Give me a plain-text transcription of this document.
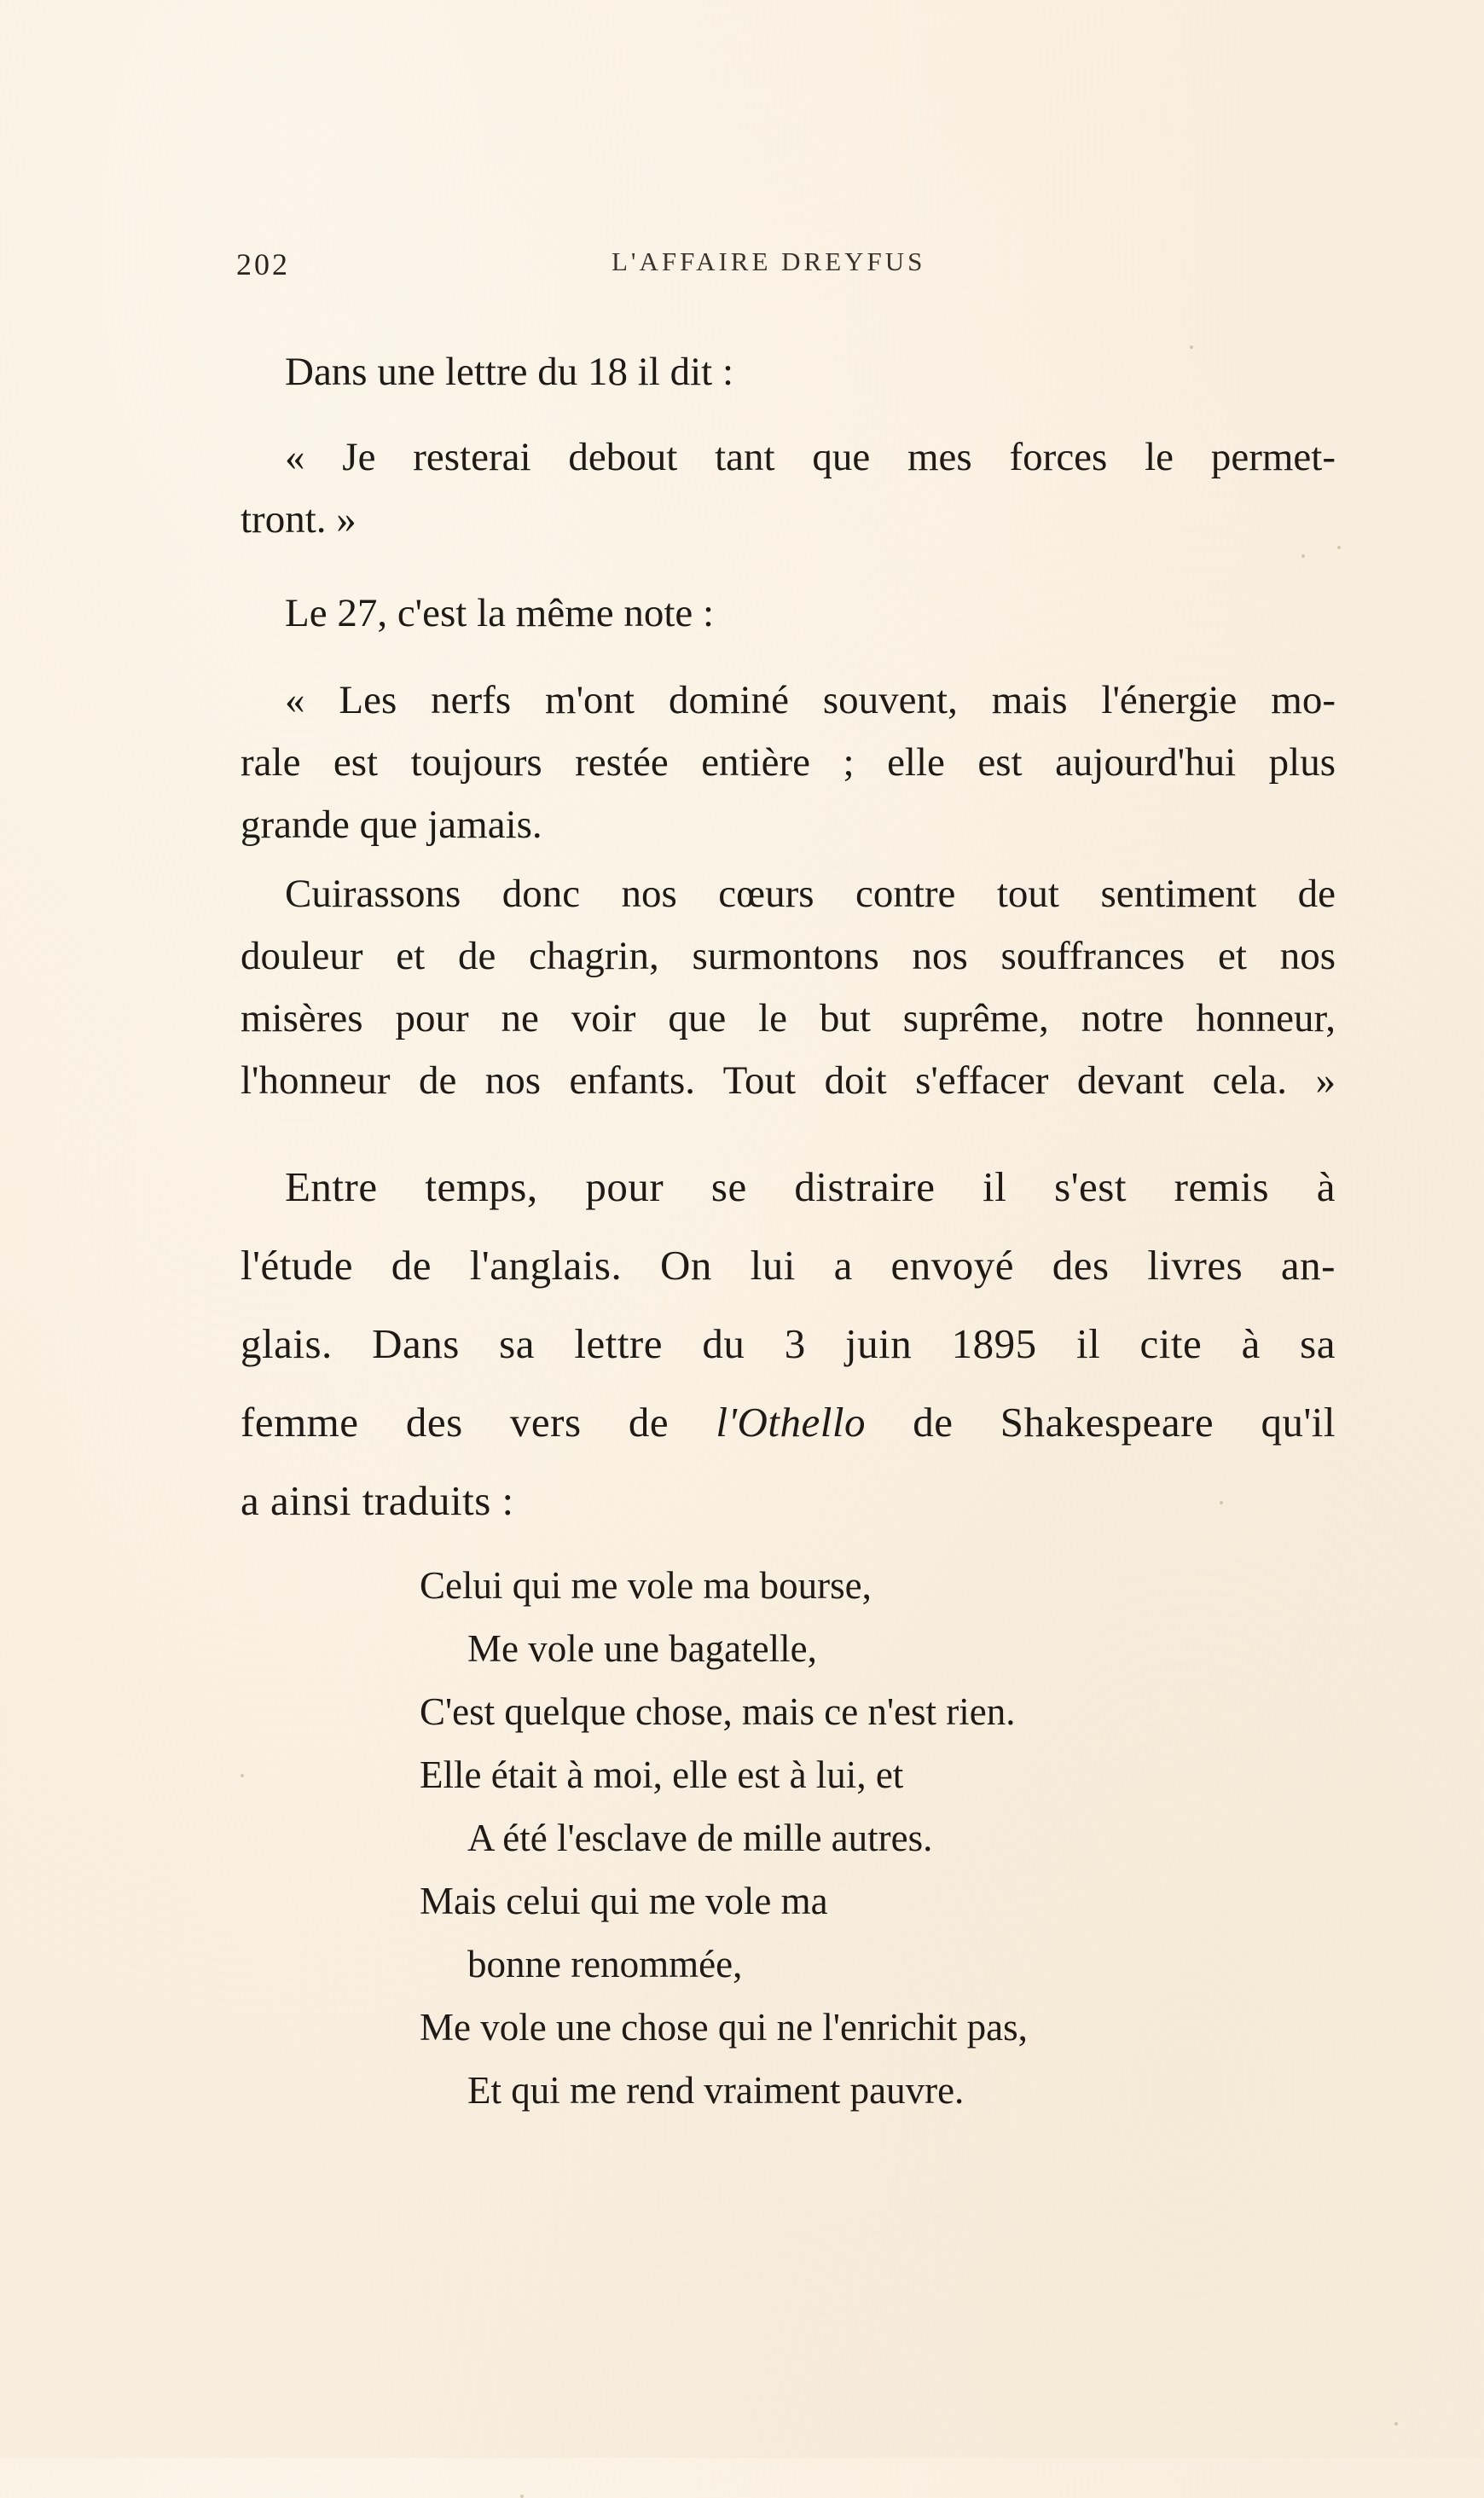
202	L'AFFAIRE DREYFUS
Dans une lettre du 18 il dit :
« Je resterai debout tant que mes forces le permet-
tront. »
Le 27, c'est la même note :
« Les nerfs m'ont dominé souvent, mais l'énergie mo-
rale est toujours restée entière ; elle est aujourd'hui plus
grande que jamais.
Cuirassons donc nos cœurs contre tout sentiment de
douleur et de chagrin, surmontons nos souffrances et nos
misères pour ne voir que le but suprême, notre honneur,
l'honneur de nos enfants. Tout doit s'effacer devant cela. »
Entre temps, pour se distraire il s'est remis à
l'étude de l'anglais. On lui a envoyé des livres an-
glais. Dans sa lettre du 3 juin 1895 il cite à sa
femme des vers de l'Othello de Shakespeare qu'il
a ainsi traduits :
Celui qui me vole ma bourse,
Me vole une bagatelle,
C'est quelque chose, mais ce n'est rien.
Elle était à moi, elle est à lui, et
A été l'esclave de mille autres.
Mais celui qui me vole ma
bonne renommée,
Me vole une chose qui ne l'enrichit pas,
Et qui me rend vraiment pauvre.
